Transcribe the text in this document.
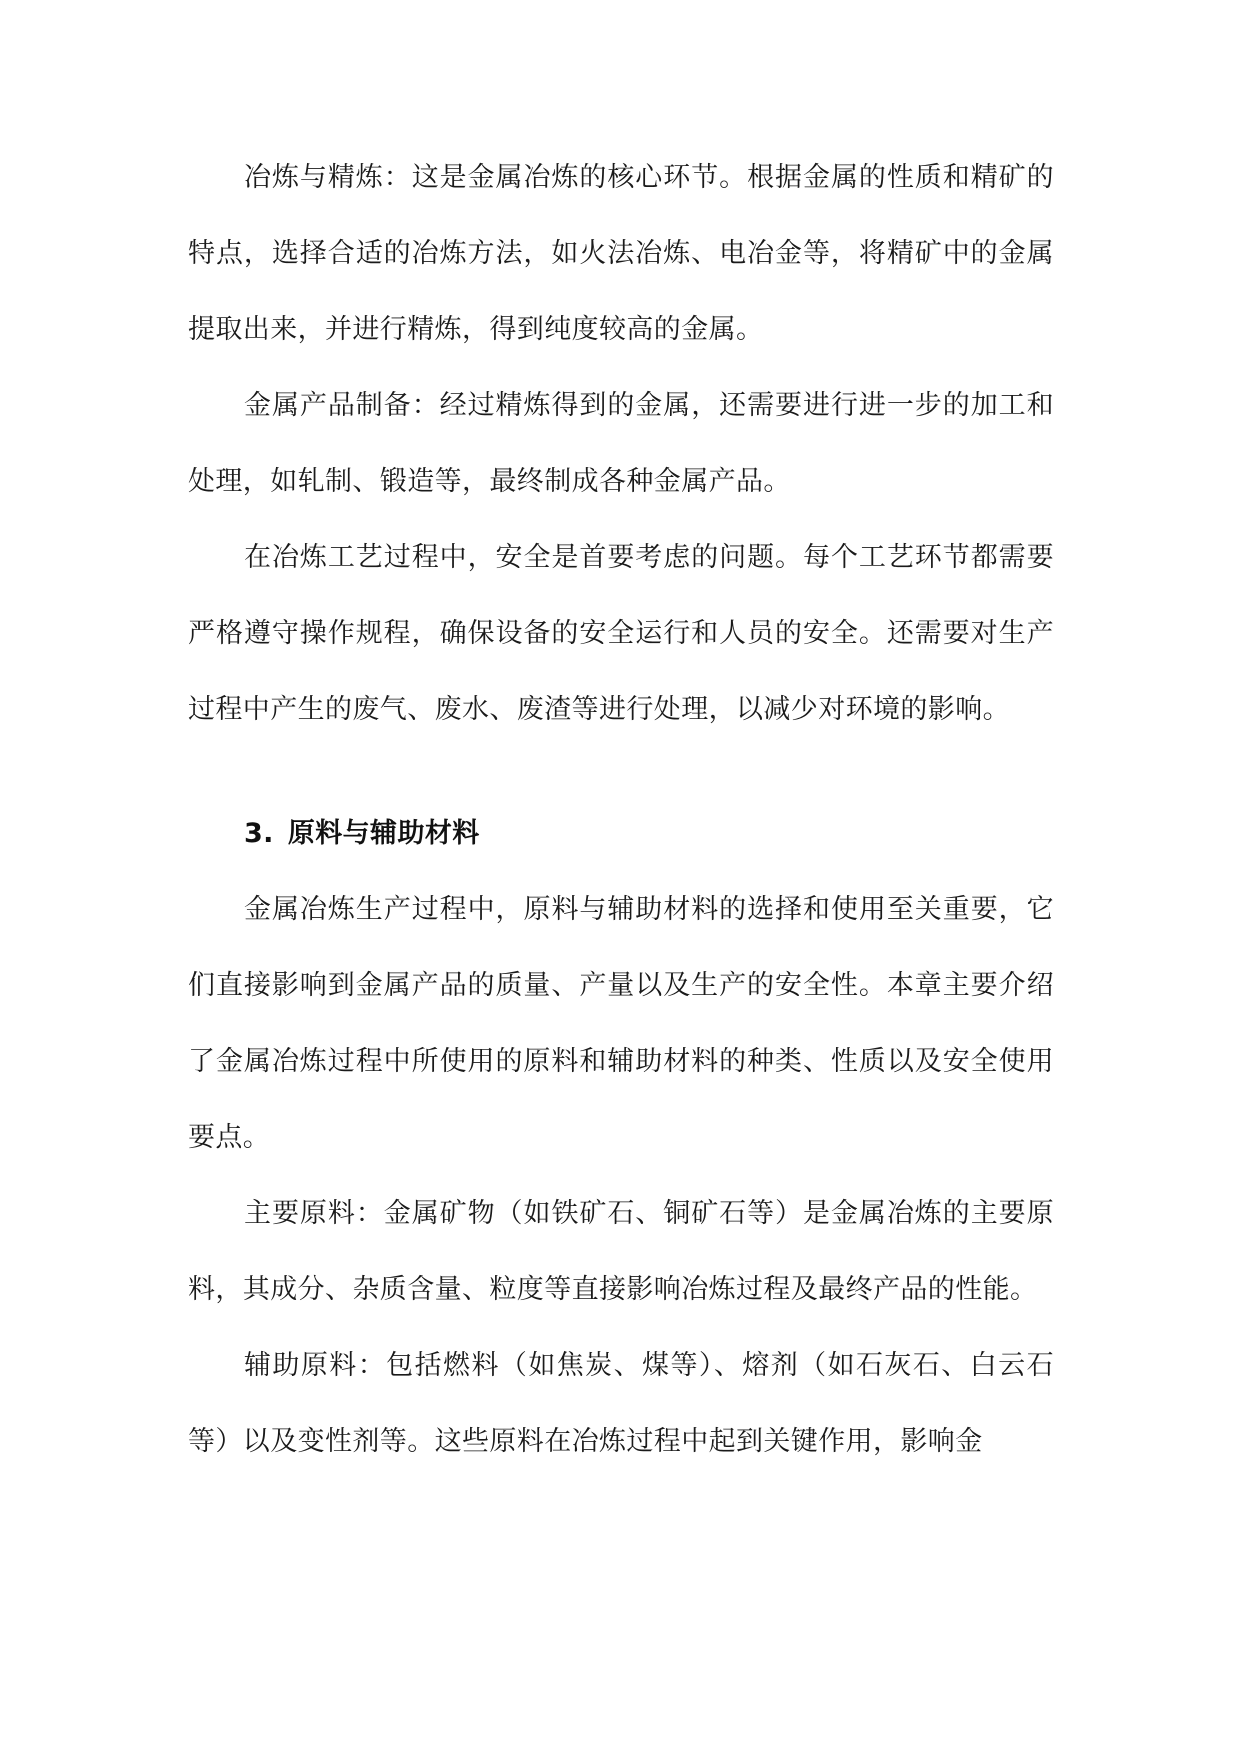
冶炼与精炼：这是金属冶炼的核心环节。根据金属的性质和精矿的特点，选择合适的冶炼方法，如火法冶炼、电冶金等，将精矿中的金属提取出来，并进行精炼，得到纯度较高的金属。

金属产品制备：经过精炼得到的金属，还需要进行进一步的加工和处理，如轧制、锻造等，最终制成各种金属产品。

在冶炼工艺过程中，安全是首要考虑的问题。每个工艺环节都需要严格遵守操作规程，确保设备的安全运行和人员的安全。还需要对生产过程中产生的废气、废水、废渣等进行处理，以减少对环境的影响。

3. 原料与辅助材料

金属冶炼生产过程中，原料与辅助材料的选择和使用至关重要，它们直接影响到金属产品的质量、产量以及生产的安全性。本章主要介绍了金属冶炼过程中所使用的原料和辅助材料的种类、性质以及安全使用要点。

主要原料：金属矿物（如铁矿石、铜矿石等）是金属冶炼的主要原料，其成分、杂质含量、粒度等直接影响冶炼过程及最终产品的性能。

辅助原料：包括燃料（如焦炭、煤等）、熔剂（如石灰石、白云石等）以及变性剂等。这些原料在冶炼过程中起到关键作用，影响金
